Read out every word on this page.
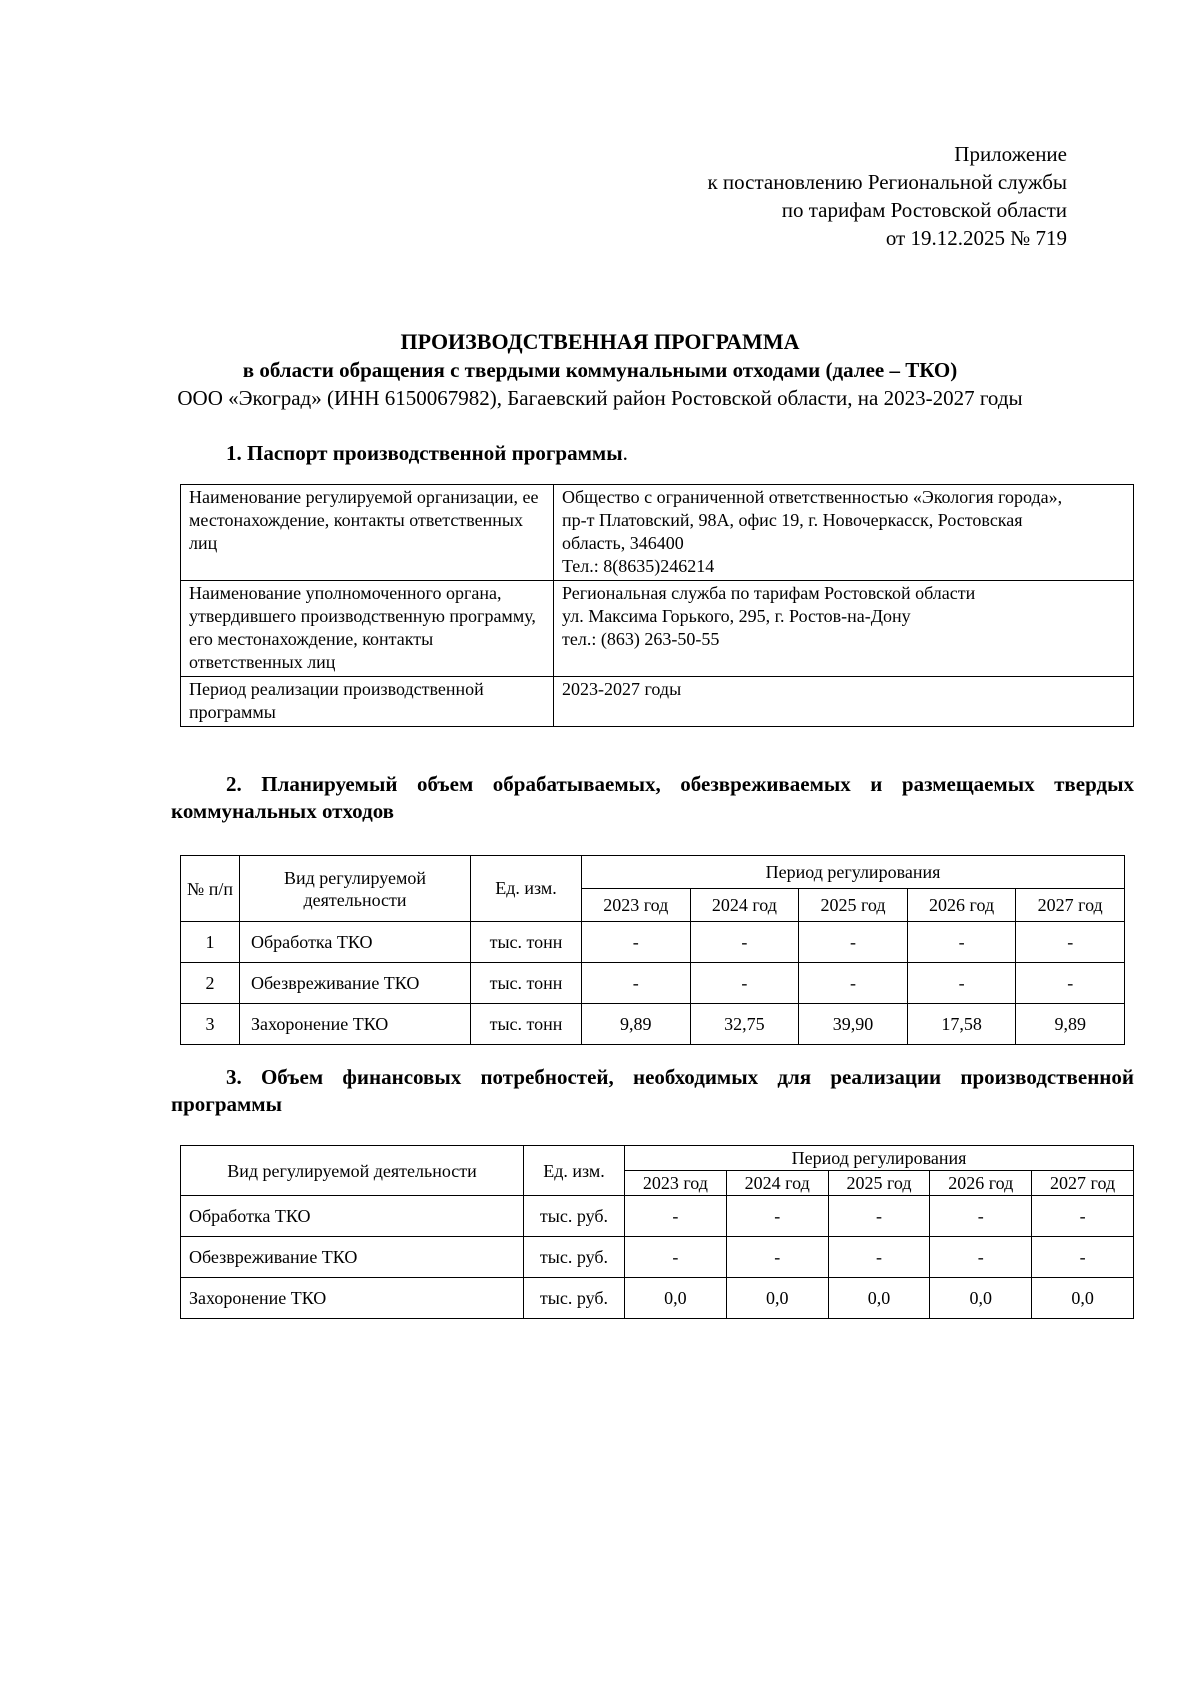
Приложение
к постановлению Региональной службы
по тарифам Ростовской области
от 19.12.2025 № 719
ПРОИЗВОДСТВЕННАЯ ПРОГРАММА
в области обращения с твердыми коммунальными отходами (далее – ТКО)
ООО «Экоград» (ИНН 6150067982), Багаевский район Ростовской области, на 2023-2027 годы
1. Паспорт производственной программы.
Наименование регулируемой организации, ее местонахождение, контакты ответственных лиц	Общество с ограниченной ответственностью «Экология города»,
пр-т Платовский, 98А, офис 19, г. Новочеркасск, Ростовская
область, 346400
Тел.: 8(8635)246214

Наименование уполномоченного органа, утвердившего производственную программу, его местонахождение, контакты ответственных лиц	Региональная служба по тарифам Ростовской области
ул. Максима Горького, 295, г. Ростов-на-Дону
тел.: (863) 263-50-55

Период реализации производственной программы	2023-2027 годы
2. Планируемый объем обрабатываемых, обезвреживаемых и размещаемых твердых коммунальных отходов
№ п/п	Вид регулируемой деятельности	Ед. изм.	Период регулирования				
			2023 год	2024 год	2025 год	2026 год	2027 год
1	Обработка ТКО	тыс. тонн	-	-	-	-	-
2	Обезвреживание ТКО	тыс. тонн	-	-	-	-	-
3	Захоронение ТКО	тыс. тонн	9,89	32,75	39,90	17,58	9,89
3. Объем финансовых потребностей, необходимых для реализации производственной программы
Вид регулируемой деятельности	Ед. изм.	Период регулирования				
		2023 год	2024 год	2025 год	2026 год	2027 год
Обработка ТКО	тыс. руб.	-	-	-	-	-
Обезвреживание ТКО	тыс. руб.	-	-	-	-	-
Захоронение ТКО	тыс. руб.	0,0	0,0	0,0	0,0	0,0
